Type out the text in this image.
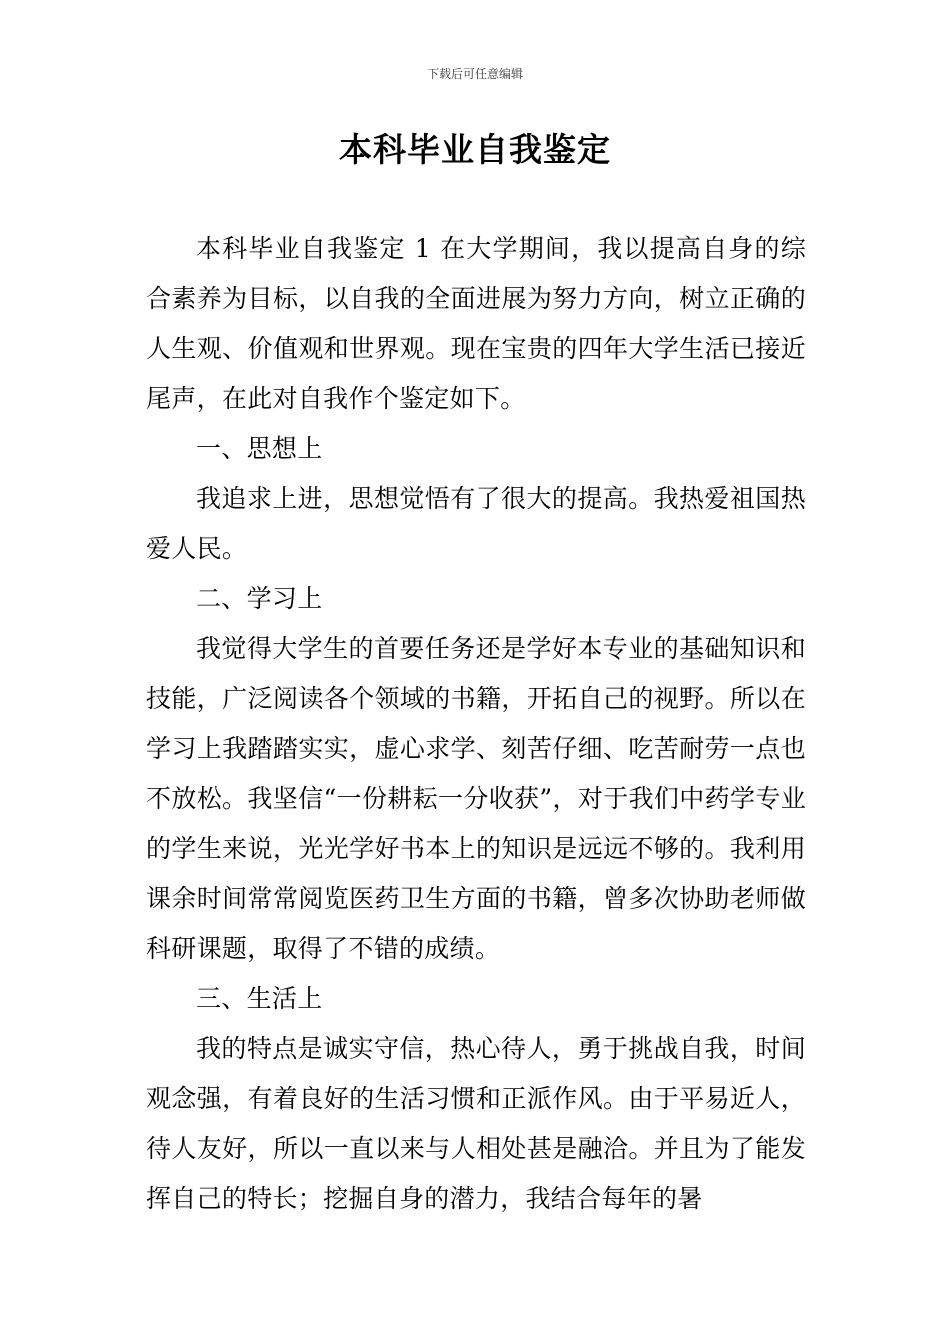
下载后可任意编辑
本科毕业自我鉴定

本科毕业自我鉴定 1 在大学期间，我以提高自身的综合素养为目标，以自我的全面进展为努力方向，树立正确的人生观、价值观和世界观。现在宝贵的四年大学生活已接近尾声，在此对自我作个鉴定如下。

一、思想上

我追求上进，思想觉悟有了很大的提高。我热爱祖国热爱人民。

二、学习上

我觉得大学生的首要任务还是学好本专业的基础知识和技能，广泛阅读各个领域的书籍，开拓自己的视野。所以在学习上我踏踏实实，虚心求学、刻苦仔细、吃苦耐劳一点也不放松。我坚信“一份耕耘一分收获”，对于我们中药学专业的学生来说，光光学好书本上的知识是远远不够的。我利用课余时间常常阅览医药卫生方面的书籍，曾多次协助老师做科研课题，取得了不错的成绩。

三、生活上

我的特点是诚实守信，热心待人，勇于挑战自我，时间观念强，有着良好的生活习惯和正派作风。由于平易近人，待人友好，所以一直以来与人相处甚是融洽。并且为了能发挥自己的特长；挖掘自身的潜力，我结合每年的暑
